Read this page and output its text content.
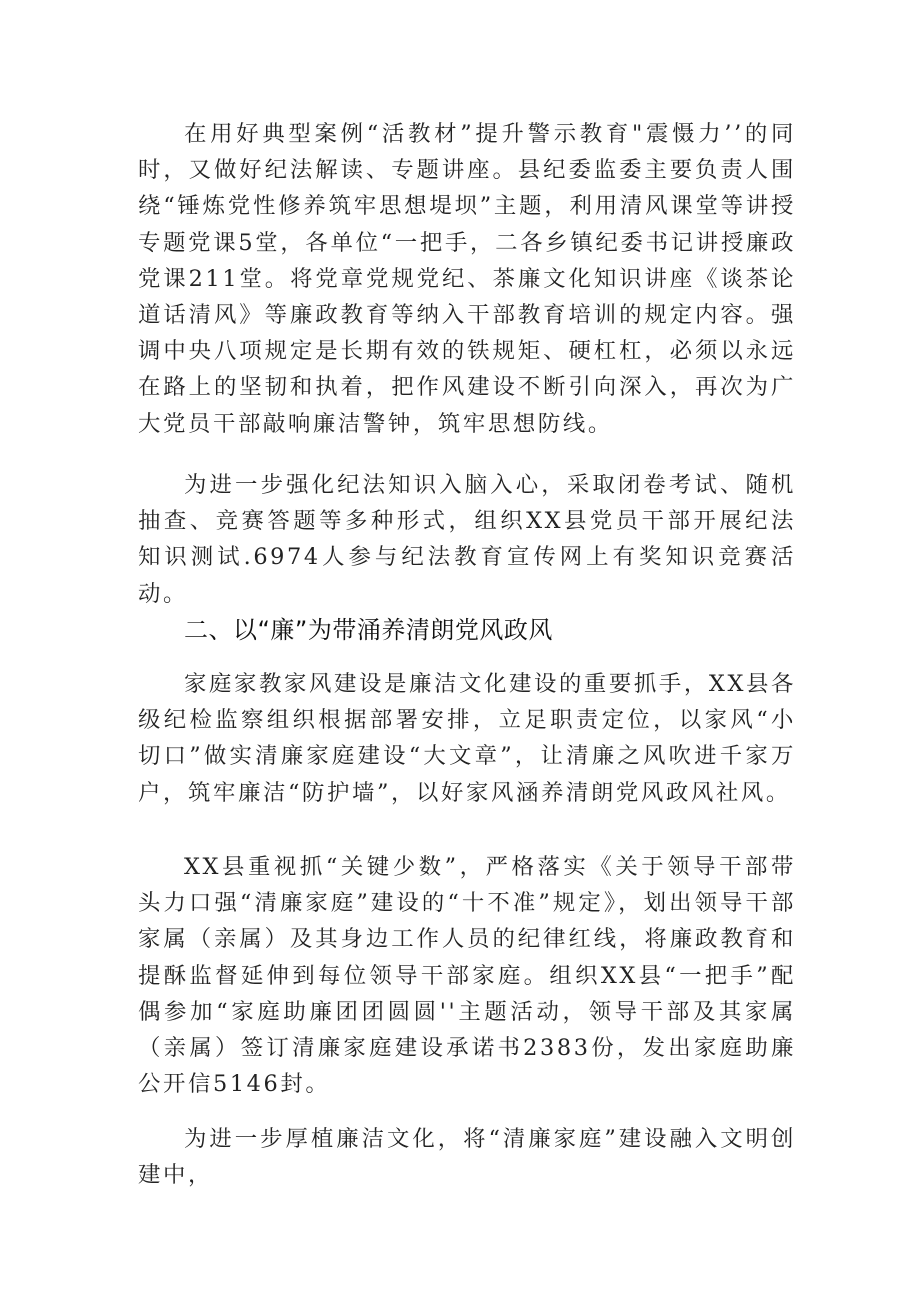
在用好典型案例“活教材”提升警示教育"震慑力’’的同时，又做好纪法解读、专题讲座。县纪委监委主要负责人围绕“锤炼党性修养筑牢思想堤坝”主题，利用清风课堂等讲授专题党课5堂，各单位“一把手，二各乡镇纪委书记讲授廉政党课211堂。将党章党规党纪、茶廉文化知识讲座《谈茶论道话清风》等廉政教育等纳入干部教育培训的规定内容。强调中央八项规定是长期有效的铁规矩、硬杠杠，必须以永远在路上的坚韧和执着，把作风建设不断引向深入，再次为广大党员干部敲响廉洁警钟，筑牢思想防线。

为进一步强化纪法知识入脑入心，采取闭卷考试、随机抽查、竞赛答题等多种形式，组织XX县党员干部开展纪法知识测试.6974人参与纪法教育宣传网上有奖知识竞赛活动。

二、以“廉”为带涌养清朗党风政风

家庭家教家风建设是廉洁文化建设的重要抓手，XX县各级纪检监察组织根据部署安排，立足职责定位，以家风“小切口”做实清廉家庭建设“大文章”，让清廉之风吹进千家万户，筑牢廉洁“防护墙”，以好家风涵养清朗党风政风社风。

XX县重视抓“关键少数”，严格落实《关于领导干部带头力口强“清廉家庭”建设的“十不准”规定》，划出领导干部家属（亲属）及其身边工作人员的纪律红线，将廉政教育和提酥监督延伸到每位领导干部家庭。组织XX县“一把手”配偶参加“家庭助廉团团圆圆''主题活动，领导干部及其家属（亲属）签订清廉家庭建设承诺书2383份，发出家庭助廉公开信5146封。

为进一步厚植廉洁文化，将“清廉家庭”建设融入文明创建中，
